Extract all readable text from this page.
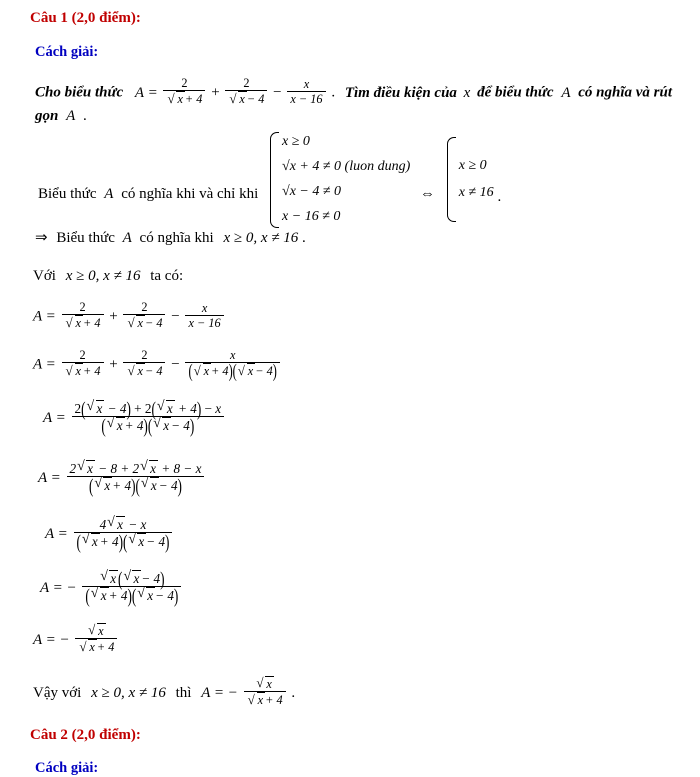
Câu 1 (2,0 điểm):
Cách giải:
Cho biểu thức A = 2
√ x + 4 + 2
√ $x - 4 - \frac{x}{x - 16}$ . Tìm điều kiện của x để biểu thức A có nghĩa và rút gọn A .
Biểu thức A có nghĩa khi và chỉ khi
x ≥ 0
√x + 4 ≠ 0 (luon dung)
√x − 4 ≠ 0
x − 16 ≠ 0
⇔
x ≥ 0
x ≠ 16 .
⇒ Biểu thức A có nghĩa khi x ≥ 0, x ≠ 16 .
Với x ≥ 0, x ≠ 16 ta có:
A = 2
√ x + 4 + 2
√ $x - 4 - \frac{x}{x - 16}$
A = 2
√ x + 4 + 2
√ $x - 4 - \frac{x}{( √ x + 4)( √ x - 4)}$
$A = \frac{2( √ x - 4) + 2( √ x + 4) - x}{( √ x + 4)( √ x - 4)}$
$A = \frac{2 √ x - 8 + 2 √ x + 8 - x}{( √ x + 4)( √ x - 4)}$
$A = \frac{4 √ x - x}{( √ x + 4)( √ x - 4)}$
A = − √ $\frac{x ( √ x - 4)}{( √ x + 4)( √ x - 4)}$
A = − √ x
√ x + 4
Vậy với x ≥ 0, x ≠ 16 thì A = − √ x
√ x + 4 .
Câu 2 (2,0 điểm):
Cách giải:
